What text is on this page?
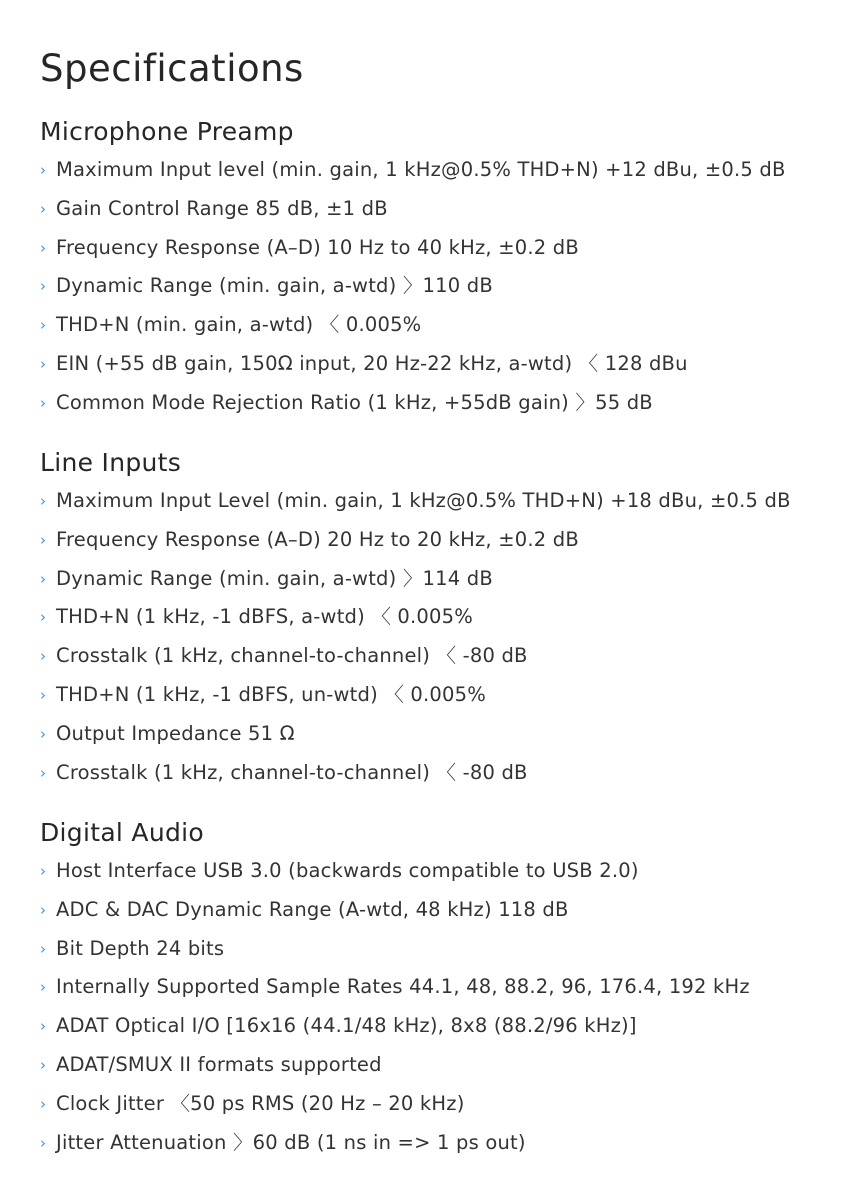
Specifications
Microphone Preamp
› Maximum Input level (min. gain, 1 kHz@0.5% THD+N) +12 dBu, ±0.5 dB
› Gain Control Range 85 dB, ±1 dB
› Frequency Response (A–D) 10 Hz to 40 kHz, ±0.2 dB
› Dynamic Range (min. gain, a-wtd) 〉110 dB
› THD+N (min. gain, a-wtd) 〈 0.005%
› EIN (+55 dB gain, 150Ω input, 20 Hz-22 kHz, a-wtd) 〈 128 dBu
› Common Mode Rejection Ratio (1 kHz, +55dB gain) 〉55 dB
Line Inputs
› Maximum Input Level (min. gain, 1 kHz@0.5% THD+N) +18 dBu, ±0.5 dB
› Frequency Response (A–D) 20 Hz to 20 kHz, ±0.2 dB
› Dynamic Range (min. gain, a-wtd) 〉114 dB
› THD+N (1 kHz, -1 dBFS, a-wtd) 〈 0.005%
› Crosstalk (1 kHz, channel-to-channel) 〈 -80 dB
› THD+N (1 kHz, -1 dBFS, un-wtd) 〈 0.005%
› Output Impedance 51 Ω
› Crosstalk (1 kHz, channel-to-channel) 〈 -80 dB
Digital Audio
› Host Interface USB 3.0 (backwards compatible to USB 2.0)
› ADC & DAC Dynamic Range (A-wtd, 48 kHz) 118 dB
› Bit Depth 24 bits
› Internally Supported Sample Rates 44.1, 48, 88.2, 96, 176.4, 192 kHz
› ADAT Optical I/O [16x16 (44.1/48 kHz), 8x8 (88.2/96 kHz)]
› ADAT/SMUX II formats supported
› Clock Jitter 〈50 ps RMS (20 Hz – 20 kHz)
› Jitter Attenuation 〉60 dB (1 ns in => 1 ps out)
